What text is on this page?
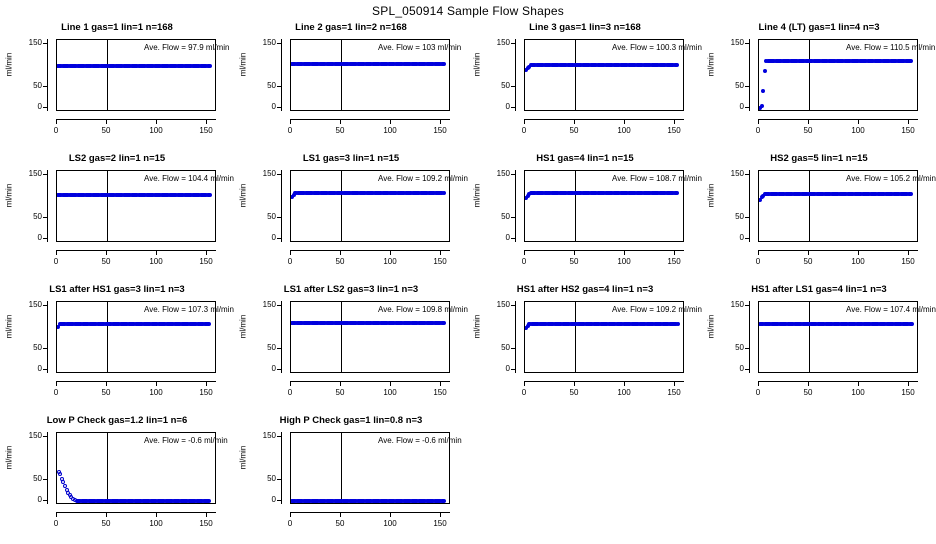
SPL_050914 Sample Flow Shapes
Line 1 gas=1 lin=1 n=168
0
50
150
ml/min
0	50	100	150
Ave. Flow = 97.9 ml/min
Line 2 gas=1 lin=2 n=168
0
50
150
ml/min
0	50	100	150
Ave. Flow = 103 ml/min
Line 3 gas=1 lin=3 n=168
0
50
150
ml/min
0	50	100	150
Ave. Flow = 100.3 ml/min
Line 4 (LT) gas=1 lin=4 n=3
0
50
150
ml/min
0	50	100	150
Ave. Flow = 110.5 ml/min
LS2 gas=2 lin=1 n=15
0
50
150
ml/min
0	50	100	150
Ave. Flow = 104.4 ml/min
LS1 gas=3 lin=1 n=15
0
50
150
ml/min
0	50	100	150
Ave. Flow = 109.2 ml/min
HS1 gas=4 lin=1 n=15
0
50
150
ml/min
0	50	100	150
Ave. Flow = 108.7 ml/min
HS2 gas=5 lin=1 n=15
0
50
150
ml/min
0	50	100	150
Ave. Flow = 105.2 ml/min
LS1 after HS1 gas=3 lin=1 n=3
0
50
150
ml/min
0	50	100	150
Ave. Flow = 107.3 ml/min
LS1 after LS2 gas=3 lin=1 n=3
0
50
150
ml/min
0	50	100	150
Ave. Flow = 109.8 ml/min
HS1 after HS2 gas=4 lin=1 n=3
0
50
150
ml/min
0	50	100	150
Ave. Flow = 109.2 ml/min
HS1 after LS1 gas=4 lin=1 n=3
0
50
150
ml/min
0	50	100	150
Ave. Flow = 107.4 ml/min
Low P Check gas=1.2 lin=1 n=6
0
50
150
ml/min
0	50	100	150
Ave. Flow = -0.6 ml/min
High P Check gas=1 lin=0.8 n=3
0
50
150
ml/min
0	50	100	150
Ave. Flow = -0.6 ml/min
